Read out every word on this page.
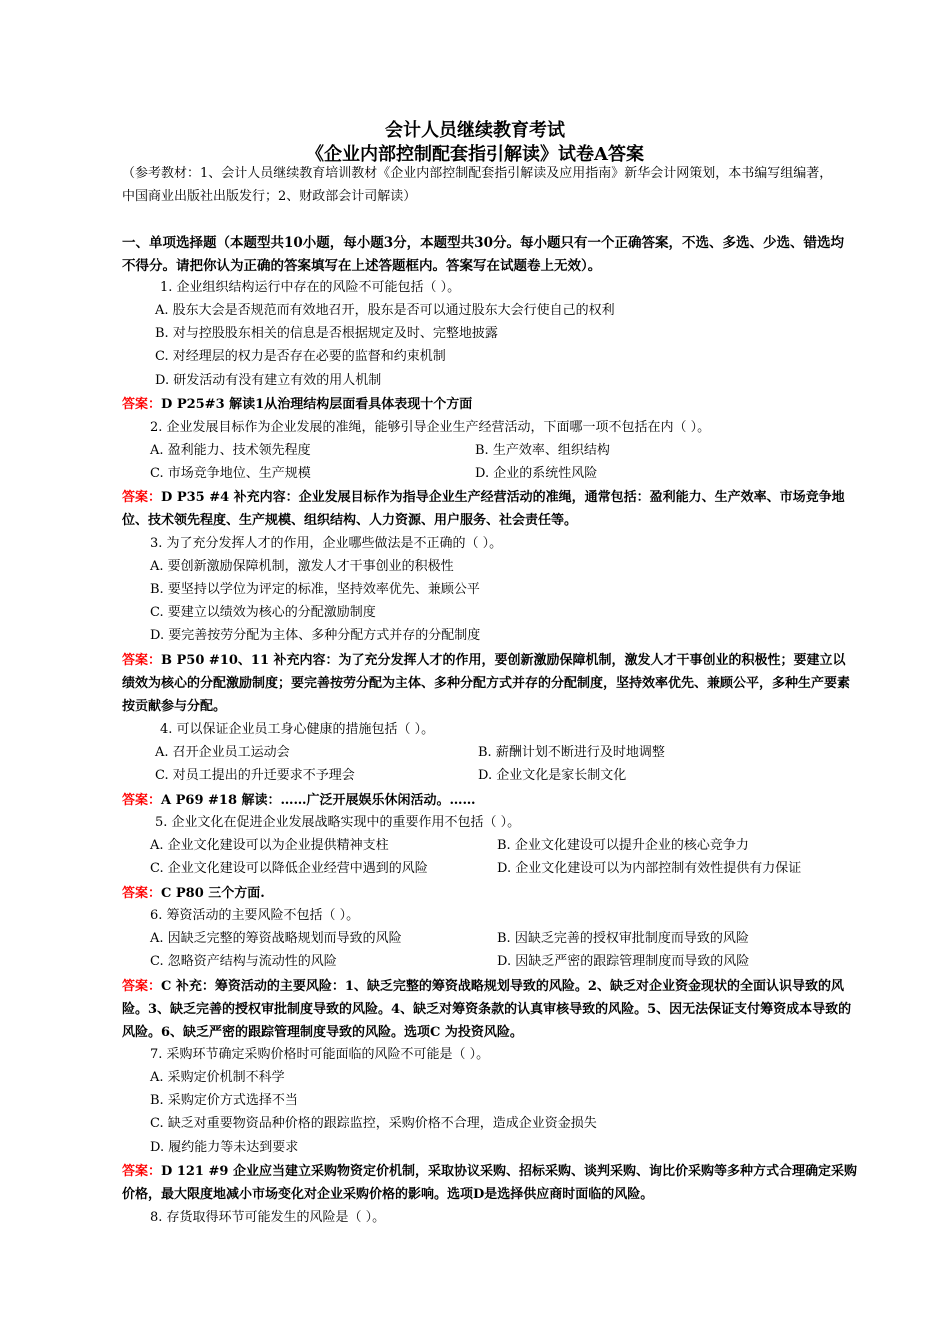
会计人员继续教育考试
《企业内部控制配套指引解读》试卷A答案
（参考教材：1、会计人员继续教育培训教材《企业内部控制配套指引解读及应用指南》新华会计网策划，本书编写组编著，中国商业出版社出版发行；2、财政部会计司解读）
一、单项选择题（本题型共10小题，每小题3分，本题型共30分。每小题只有一个正确答案，不选、多选、少选、错选均不得分。请把你认为正确的答案填写在上述答题框内。答案写在试题卷上无效）。
1. 企业组织结构运行中存在的风险不可能包括（ ）。
A. 股东大会是否规范而有效地召开，股东是否可以通过股东大会行使自己的权利
B. 对与控股股东相关的信息是否根据规定及时、完整地披露
C. 对经理层的权力是否存在必要的监督和约束机制
D. 研发活动有没有建立有效的用人机制
答案：D P25#3 解读1从治理结构层面看具体表现十个方面
2. 企业发展目标作为企业发展的准绳，能够引导企业生产经营活动，下面哪一项不包括在内（ ）。
A. 盈利能力、技术领先程度	B. 生产效率、组织结构
C. 市场竞争地位、生产规模	D. 企业的系统性风险
答案：D P35 #4 补充内容：企业发展目标作为指导企业生产经营活动的准绳，通常包括：盈利能力、生产效率、市场竞争地位、技术领先程度、生产规模、组织结构、人力资源、用户服务、社会责任等。
3. 为了充分发挥人才的作用，企业哪些做法是不正确的（ ）。
A. 要创新激励保障机制，激发人才干事创业的积极性
B. 要坚持以学位为评定的标准，坚持效率优先、兼顾公平
C. 要建立以绩效为核心的分配激励制度
D. 要完善按劳分配为主体、多种分配方式并存的分配制度
答案：B P50 #10、11 补充内容：为了充分发挥人才的作用，要创新激励保障机制，激发人才干事创业的积极性；要建立以绩效为核心的分配激励制度；要完善按劳分配为主体、多种分配方式并存的分配制度，坚持效率优先、兼顾公平，多种生产要素按贡献参与分配。
4. 可以保证企业员工身心健康的措施包括（ ）。
A. 召开企业员工运动会	B. 薪酬计划不断进行及时地调整
C. 对员工提出的升迁要求不予理会	D. 企业文化是家长制文化
答案：A P69 #18 解读：……广泛开展娱乐休闲活动。……
5. 企业文化在促进企业发展战略实现中的重要作用不包括（ ）。
A. 企业文化建设可以为企业提供精神支柱	B. 企业文化建设可以提升企业的核心竞争力
C. 企业文化建设可以降低企业经营中遇到的风险	D. 企业文化建设可以为内部控制有效性提供有力保证
答案：C P80 三个方面.
6. 筹资活动的主要风险不包括（ ）。
A. 因缺乏完整的筹资战略规划而导致的风险	B. 因缺乏完善的授权审批制度而导致的风险
C. 忽略资产结构与流动性的风险	D. 因缺乏严密的跟踪管理制度而导致的风险
答案：C 补充：筹资活动的主要风险：1、缺乏完整的筹资战略规划导致的风险。2、缺乏对企业资金现状的全面认识导致的风险。3、缺乏完善的授权审批制度导致的风险。4、缺乏对筹资条款的认真审核导致的风险。5、因无法保证支付筹资成本导致的风险。6、缺乏严密的跟踪管理制度导致的风险。选项C 为投资风险。
7. 采购环节确定采购价格时可能面临的风险不可能是（ ）。
A. 采购定价机制不科学
B. 采购定价方式选择不当
C. 缺乏对重要物资品种价格的跟踪监控，采购价格不合理，造成企业资金损失
D. 履约能力等未达到要求
答案：D 121 #9 企业应当建立采购物资定价机制，采取协议采购、招标采购、谈判采购、询比价采购等多种方式合理确定采购价格，最大限度地减小市场变化对企业采购价格的影响。选项D是选择供应商时面临的风险。
8. 存货取得环节可能发生的风险是（ ）。
